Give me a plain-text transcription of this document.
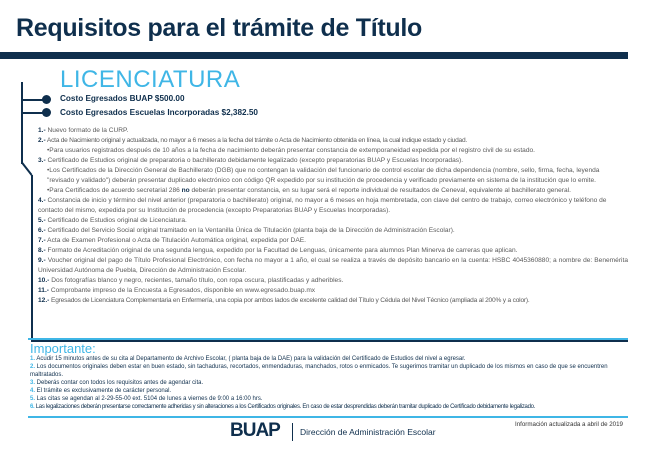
Requisitos para el trámite de Título
LICENCIATURA
Costo Egresados BUAP $500.00
Costo Egresados Escuelas Incorporadas $2,382.50
1.- Nuevo formato de la CURP.
2.- Acta de Nacimiento original y actualizada, no mayor a 6 meses a la fecha del trámite o Acta de Nacimiento obtenida en línea, la cual indique estado y ciudad.
•Para usuarios registrados después de 10 años a la fecha de nacimiento deberán presentar constancia de extemporaneidad expedida por el registro civil de su estado.
3.- Certificado de Estudios original de preparatoria o bachillerato debidamente legalizado (excepto preparatorias BUAP y Escuelas Incorporadas).
•Los Certificados de la Dirección General de Bachillerato (DGB) que no contengan la validación del funcionario de control escolar de dicha dependencia (nombre, sello, firma, fecha, leyenda "revisado y validado") deberán presentar duplicado electrónico con código QR expedido por su institución de procedencia y verificado previamente en sistema de la institución que lo emite.
•Para Certificados de acuerdo secretarial 286 no deberán presentar constancia, en su lugar será el reporte individual de resultados de Ceneval, equivalente al bachillerato general.
4.- Constancia de inicio y término del nivel anterior (preparatoria o bachillerato) original, no mayor a 6 meses en hoja membretada, con clave del centro de trabajo, correo electrónico y teléfono de contacto del mismo, expedida por su Institución de procedencia (excepto Preparatorias BUAP y Escuelas Incorporadas).
5.- Certificado de Estudios original de Licenciatura.
6.- Certificado del Servicio Social original tramitado en la Ventanilla Única de Titulación (planta baja de la Dirección de Administración Escolar).
7.- Acta de Examen Profesional o Acta de Titulación Automática original, expedida por DAE.
8.- Formato de Acreditación original de una segunda lengua, expedido por la Facultad de Lenguas, únicamente para alumnos Plan Minerva de carreras que aplican.
9.- Voucher original del pago de Título Profesional Electrónico, con fecha no mayor a 1 año, el cual se realiza a través de depósito bancario en la cuenta: HSBC 4045360880; a nombre de: Benemérita Universidad Autónoma de Puebla, Dirección de Administración Escolar.
10.- Dos fotografías blanco y negro, recientes, tamaño título, con ropa oscura, plastificadas y adheribles.
11.- Comprobante impreso de la Encuesta a Egresados, disponible en www.egresado.buap.mx
12.- Egresados de Licenciatura Complementaria en Enfermería, una copia por ambos lados de excelente calidad del Título y Cédula del Nivel Técnico (ampliada al 200% y a color).
Importante:
1. Acudir 15 minutos antes de su cita al Departamento de Archivo Escolar, ( planta baja de la DAE) para la validación del Certificado de Estudios del nivel a egresar.
2. Los documentos originales deben estar en buen estado, sin tachaduras, recortados, enmendaduras, manchados, rotos o enmicados. Te sugerimos tramitar un duplicado de los mismos en caso de que se encuentren maltratados.
3. Deberás contar con todos los requisitos antes de agendar cita.
4. El trámite es exclusivamente de carácter personal.
5. Las citas se agendan al 2-29-55-00 ext. 5104 de lunes a viernes de 9:00 a 16:00 hrs.
6. Las legalizaciones deberán presentarse correctamente adheridas y sin alteraciones a los Certificados originales. En caso de estar desprendidas deberán tramitar duplicado de Certificado debidamente legalizado.
BUAP Dirección de Administración Escolar
Información actualizada a abril de 2019
